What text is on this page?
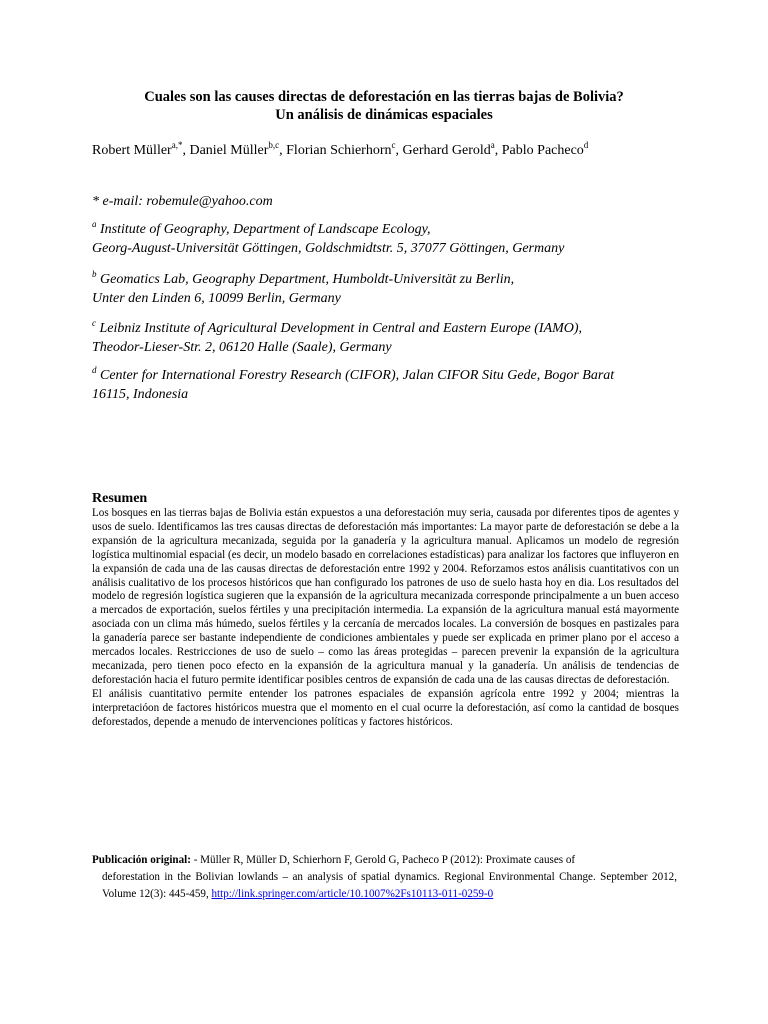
Cuales son las causes directas de deforestación en las tierras bajas de Bolivia?
Un análisis de dinámicas espaciales
Robert Müller$^{a,*}$, Daniel Müller$^{b,c}$, Florian Schierhorn$^c$, Gerhard Gerold$^a$, Pablo Pacheco$^d$
* e-mail: robemule@yahoo.com
$^a$ Institute of Geography, Department of Landscape Ecology,
Georg-August-Universität Göttingen, Goldschmidtstr. 5, 37077 Göttingen, Germany
$^b$ Geomatics Lab, Geography Department, Humboldt-Universität zu Berlin,
Unter den Linden 6, 10099 Berlin, Germany
$^c$ Leibniz Institute of Agricultural Development in Central and Eastern Europe (IAMO),
Theodor-Lieser-Str. 2, 06120 Halle (Saale), Germany
$^d$ Center for International Forestry Research (CIFOR), Jalan CIFOR Situ Gede, Bogor Barat
16115, Indonesia
Resumen

Los bosques en las tierras bajas de Bolivia están expuestos a una deforestación muy seria, causada por diferentes tipos de agentes y usos de suelo. Identificamos las tres causas directas de deforestación más importantes: La mayor parte de deforestación se debe a la expansión de la agricultura mecanizada, seguida por la ganadería y la agricultura manual. Aplicamos un modelo de regresión logística multinomial espacial (es decir, un modelo basado en correlaciones estadísticas) para analizar los factores que influyeron en la expansión de cada una de las causas directas de deforestación entre 1992 y 2004. Reforzamos estos análisis cuantitativos con un análisis cualitativo de los procesos históricos que han configurado los patrones de uso de suelo hasta hoy en dia. Los resultados del modelo de regresión logística sugieren que la expansión de la agricultura mecanizada corresponde principalmente a un buen acceso a mercados de exportación, suelos fértiles y una precipitación intermedia. La expansión de la agricultura manual está mayormente asociada con un clima más húmedo, suelos fértiles y la cercanía de mercados locales. La conversión de bosques en pastizales para la ganadería parece ser bastante independiente de condiciones ambientales y puede ser explicada en primer plano por el acceso a mercados locales. Restricciones de uso de suelo – como las áreas protegidas – parecen prevenir la expansión de la agricultura mecanizada, pero tienen poco efecto en la expansión de la agricultura manual y la ganadería. Un análisis de tendencias de deforestación hacia el futuro permite identificar posibles centros de expansión de cada una de las causas directas de deforestación.

El análisis cuantitativo permite entender los patrones espaciales de expansión agrícola entre 1992 y 2004; mientras la interpretacióon de factores históricos muestra que el momento en el cual ocurre la deforestación, así como la cantidad de bosques deforestados, depende a menudo de intervenciones políticas y factores históricos.

Publicación original: - Müller R, Müller D, Schierhorn F, Gerold G, Pacheco P (2012): Proximate causes of
deforestation in the Bolivian lowlands – an analysis of spatial dynamics. Regional Environmental Change. September 2012, Volume 12(3): 445-459, http://link.springer.com/article/10.1007%2Fs10113-011-0259-0
